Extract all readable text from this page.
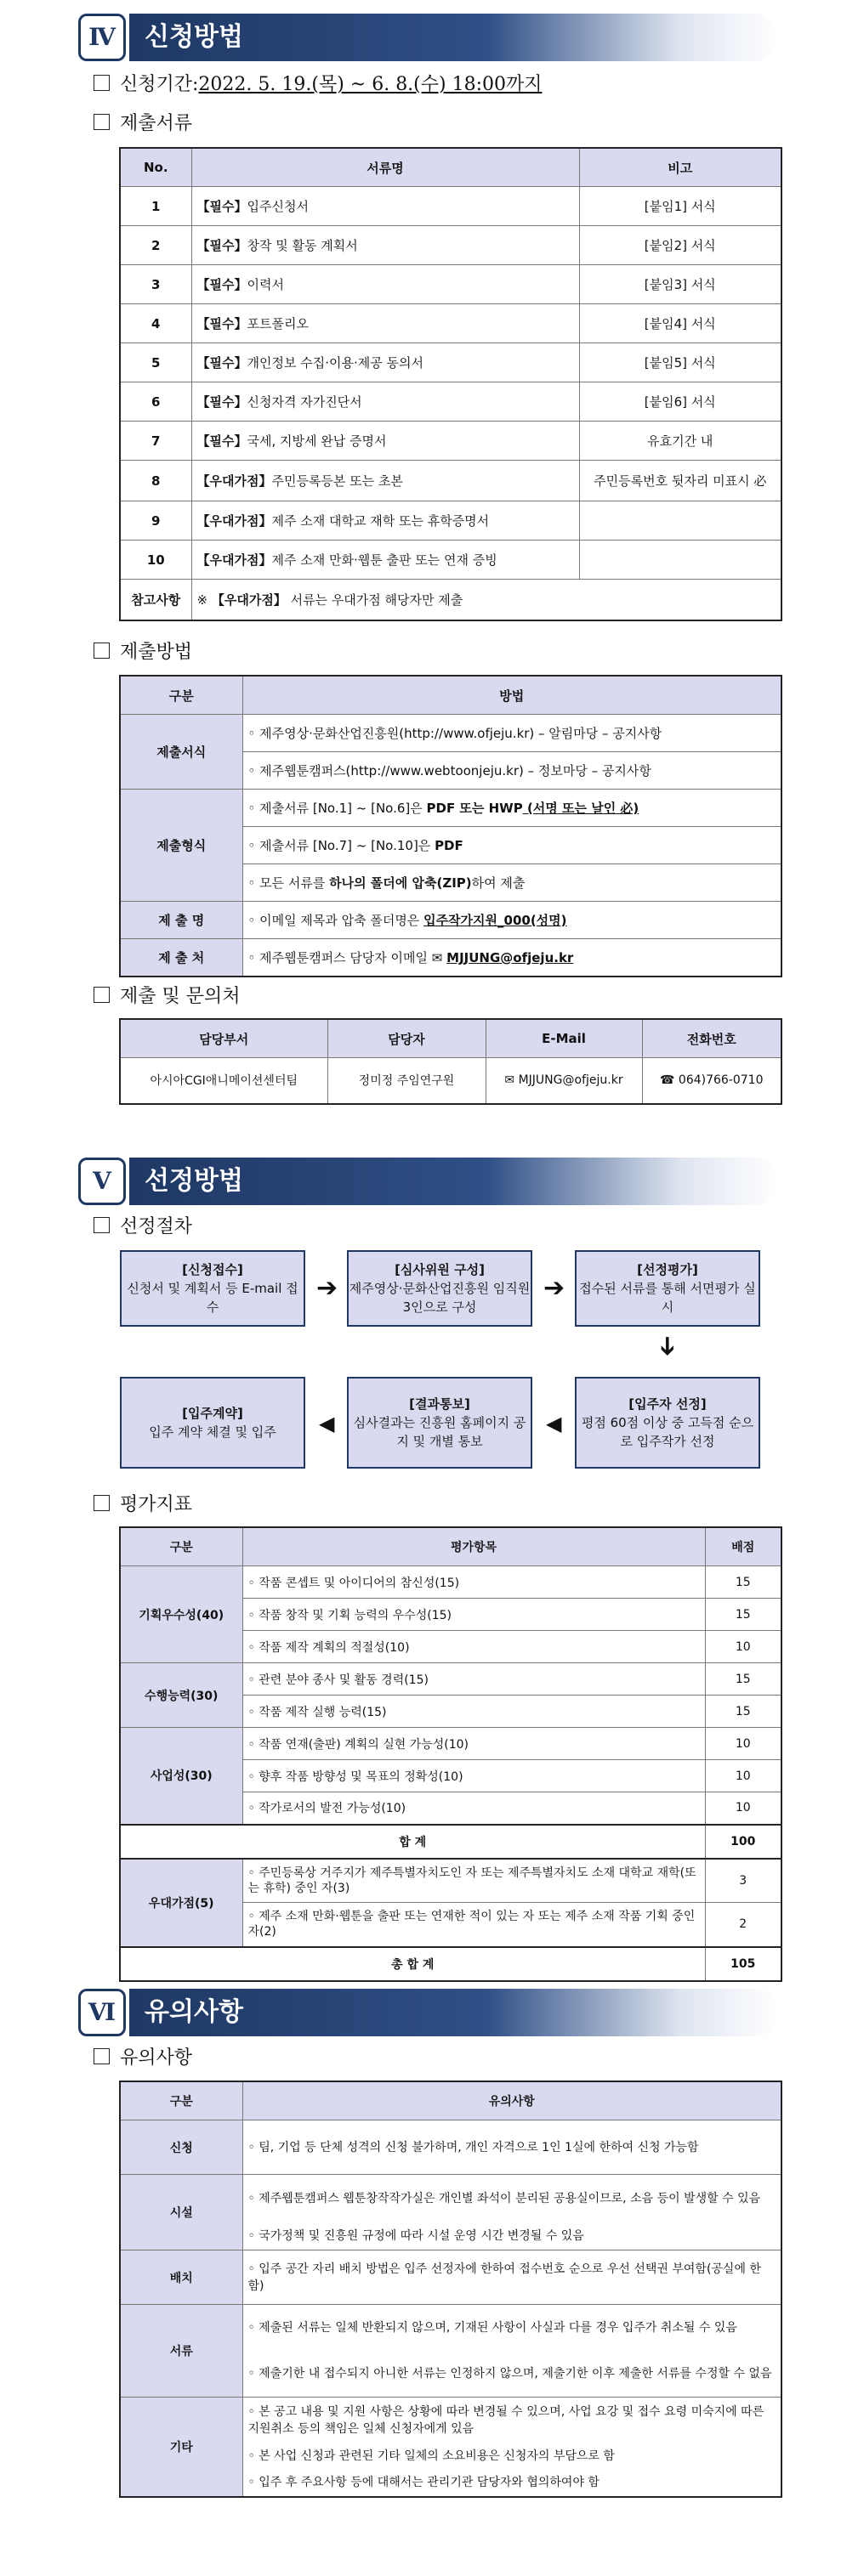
Ⅳ	신청방법
신청기간: 2022. 5. 19.(목) ~ 6. 8.(수) 18:00까지
제출서류
No.	서류명	비고
1	【필수】입주신청서	[붙임1] 서식
2	【필수】창작 및 활동 계획서	[붙임2] 서식
3	【필수】이력서	[붙임3] 서식
4	【필수】포트폴리오	[붙임4] 서식
5	【필수】개인정보 수집·이용·제공 동의서	[붙임5] 서식
6	【필수】신청자격 자가진단서	[붙임6] 서식
7	【필수】국세, 지방세 완납 증명서	유효기간 내
8	【우대가점】주민등록등본 또는 초본	주민등록번호 뒷자리 미표시 必
9	【우대가점】제주 소재 대학교 재학 또는 휴학증명서	
10	【우대가점】제주 소재 만화·웹툰 출판 또는 연재 증빙	
참고사항	※ 【우대가점】 서류는 우대가점 해당자만 제출	
제출방법
구분	방법
제출서식	◦ 제주영상·문화산업진흥원(http://www.ofjeju.kr) – 알림마당 – 공지사항
	◦ 제주웹툰캠퍼스(http://www.webtoonjeju.kr) – 정보마당 – 공지사항
제출형식	◦ 제출서류 [No.1] ~ [No.6]은 PDF 또는 HWP (서명 또는 날인 必)
	◦ 제출서류 [No.7] ~ [No.10]은 PDF
	◦ 모든 서류를 하나의 폴더에 압축(ZIP)하여 제출
제 출 명	◦ 이메일 제목과 압축 폴더명은 입주작가지원_000(성명)
제 출 처	◦ 제주웹툰캠퍼스 담당자 이메일 ✉ MJJUNG@ofjeju.kr
제출 및 문의처
담당부서	담당자	E-Mail	전화번호
아시아CGI애니메이션센터팀	정미정 주임연구원	✉ MJJUNG@ofjeju.kr	☎ 064)766-0710
Ⅴ	선정방법
선정절차
[신청접수]
신청서 및 계획서 등 E-mail 접수
➔
[심사위원 구성]
제주영상·문화산업진흥원 임직원 3인으로 구성
➔
[선정평가]
접수된 서류를 통해 서면평가 실시
➔
[입주자 선정]
평점 60점 이상 중 고득점 순으로 입주작가 선정
◀
[결과통보]
심사결과는 진흥원 홈페이지 공지 및 개별 통보
◀
[입주계약]
입주 계약 체결 및 입주
평가지표
구분	평가항목	배점
기획우수성(40)	◦ 작품 콘셉트 및 아이디어의 참신성(15)	15
	◦ 작품 창작 및 기획 능력의 우수성(15)	15
	◦ 작품 제작 계획의 적절성(10)	10
수행능력(30)	◦ 관련 분야 종사 및 활동 경력(15)	15
	◦ 작품 제작 실행 능력(15)	15
사업성(30)	◦ 작품 연재(출판) 계획의 실현 가능성(10)	10
	◦ 향후 작품 방향성 및 목표의 정확성(10)	10
	◦ 작가로서의 발전 가능성(10)	10
합 계		100
우대가점(5)	◦ 주민등록상 거주지가 제주특별자치도인 자 또는 제주특별자치도 소재 대학교 재학(또는 휴학) 중인 자(3)	3
	◦ 제주 소재 만화·웹툰을 출판 또는 연재한 적이 있는 자 또는 제주 소재 작품 기획 중인 자(2)	2
총 합 계		105
Ⅵ	유의사항
유의사항
구분	유의사항
신청	◦ 팀, 기업 등 단체 성격의 신청 불가하며, 개인 자격으로 1인 1실에 한하여 신청 가능함
시설	◦ 제주웹툰캠퍼스 웹툰창작작가실은 개인별 좌석이 분리된 공용실이므로, 소음 등이 발생할 수 있음
	◦ 국가정책 및 진흥원 규정에 따라 시설 운영 시간 변경될 수 있음
배치	◦ 입주 공간 자리 배치 방법은 입주 선정자에 한하여 접수번호 순으로 우선 선택권 부여함(공실에 한함)
서류	◦ 제출된 서류는 일체 반환되지 않으며, 기재된 사항이 사실과 다를 경우 입주가 취소될 수 있음
	◦ 제출기한 내 접수되지 아니한 서류는 인정하지 않으며, 제출기한 이후 제출한 서류를 수정할 수 없음
기타	◦ 본 공고 내용 및 지원 사항은 상황에 따라 변경될 수 있으며, 사업 요강 및 접수 요령 미숙지에 따른 지원취소 등의 책임은 일체 신청자에게 있음
	◦ 본 사업 신청과 관련된 기타 일체의 소요비용은 신청자의 부담으로 함
	◦ 입주 후 주요사항 등에 대해서는 관리기관 담당자와 협의하여야 함
